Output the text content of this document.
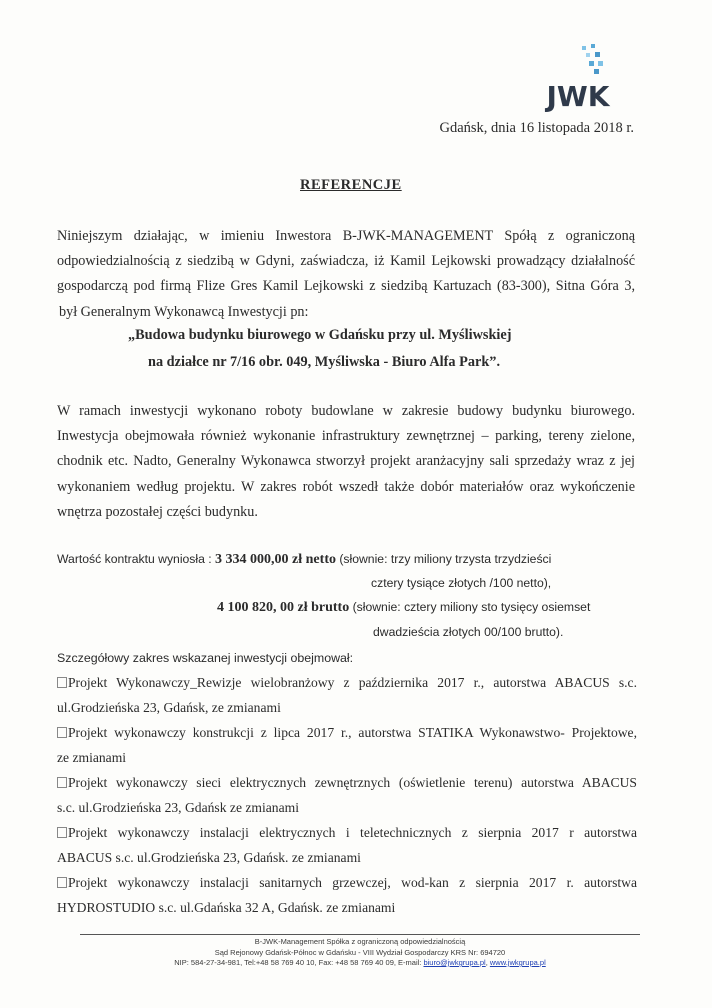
JWK
Gdańsk, dnia 16 listopada 2018 r.
REFERENCJE
Niniejszym działając, w imieniu Inwestora B-JWK-MANAGEMENT Spółą z ograniczoną
odpowiedzialnością z siedzibą w Gdyni, zaświadcza, iż Kamil Lejkowski prowadzący działalność
gospodarczą pod firmą Flize Gres Kamil Lejkowski z siedzibą Kartuzach (83-300), Sitna Góra 3,
był Generalnym Wykonawcą Inwestycji pn:
„Budowa budynku biurowego w Gdańsku przy ul. Myśliwskiej
na działce nr 7/16 obr. 049, Myśliwska - Biuro Alfa Park”.
W ramach inwestycji wykonano roboty budowlane w zakresie budowy budynku biurowego.
Inwestycja obejmowała również wykonanie infrastruktury zewnętrznej – parking, tereny zielone,
chodnik etc. Nadto, Generalny Wykonawca stworzył projekt aranżacyjny sali sprzedaży wraz z jej
wykonaniem według projektu. W zakres robót wszedł także dobór materiałów oraz wykończenie
wnętrza pozostałej części budynku.
Wartość kontraktu wyniosła : 3 334 000,00 zł netto (słownie: trzy miliony trzysta trzydzieści
cztery tysiące złotych /100 netto),
4 100 820, 00 zł brutto (słownie: cztery miliony sto tysięcy osiemset
dwadzieścia złotych 00/100 brutto).
Szczegółowy zakres wskazanej inwestycji obejmował:
Projekt Wykonawczy_Rewizje wielobranżowy z października 2017 r., autorstwa ABACUS s.c.
ul.Grodzieńska 23, Gdańsk, ze zmianami
Projekt wykonawczy konstrukcji z lipca 2017 r., autorstwa STATIKA Wykonawstwo- Projektowe,
ze zmianami
Projekt wykonawczy sieci elektrycznych zewnętrznych (oświetlenie terenu) autorstwa ABACUS
s.c. ul.Grodzieńska 23, Gdańsk ze zmianami
Projekt wykonawczy instalacji elektrycznych i teletechnicznych z sierpnia 2017 r autorstwa
ABACUS s.c. ul.Grodzieńska 23, Gdańsk. ze zmianami
Projekt wykonawczy instalacji sanitarnych grzewczej, wod-kan z sierpnia 2017 r. autorstwa
HYDROSTUDIO s.c. ul.Gdańska 32 A, Gdańsk. ze zmianami
B-JWK-Management Spółka z ograniczoną odpowiedzialnością
Sąd Rejonowy Gdańsk-Północ w Gdańsku - VIII Wydział Gospodarczy KRS Nr: 694720
NIP: 584-27-34-981, Tel:+48 58 769 40 10, Fax: +48 58 769 40 09, E-mail: biuro@jwkgrupa.pl, www.jwkgrupa.pl
